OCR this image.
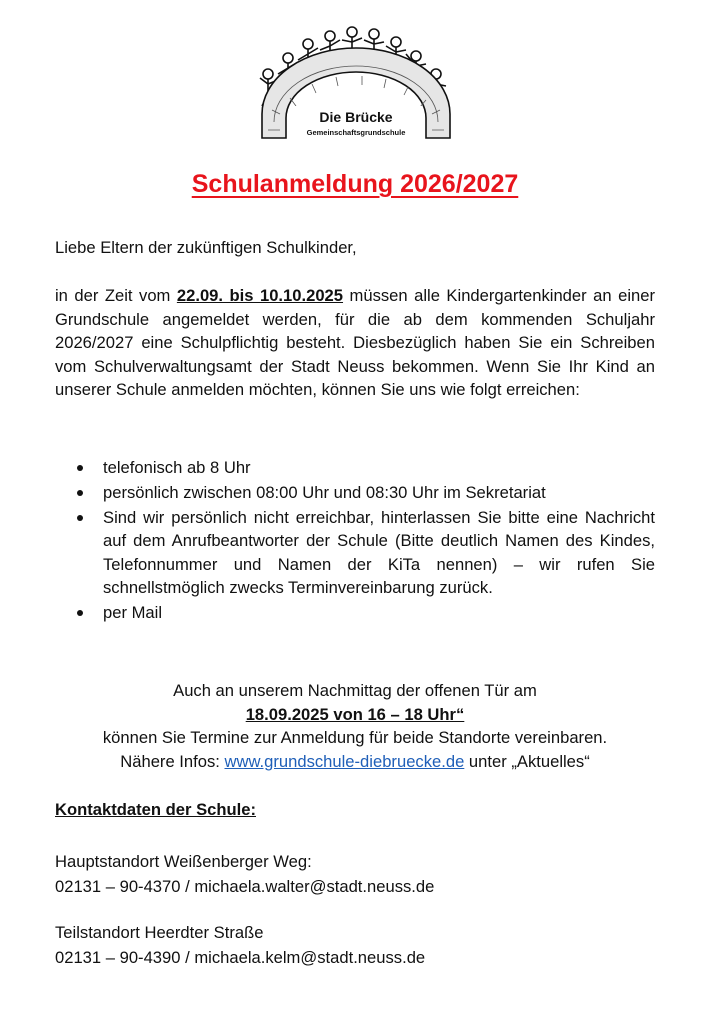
Die Brücke
Gemeinschaftsgrundschule
Schulanmeldung 2026/2027
Liebe Eltern der zukünftigen Schulkinder,
in der Zeit vom 22.09. bis 10.10.2025 müssen alle Kindergartenkinder an einer Grundschule angemeldet werden, für die ab dem kommenden Schuljahr 2026/2027 eine Schulpflichtig besteht. Diesbezüglich haben Sie ein Schreiben vom Schulverwaltungsamt der Stadt Neuss bekommen. Wenn Sie Ihr Kind an unserer Schule anmelden möchten, können Sie uns wie folgt erreichen:
telefonisch ab 8 Uhr
persönlich zwischen 08:00 Uhr und 08:30 Uhr im Sekretariat
Sind wir persönlich nicht erreichbar, hinterlassen Sie bitte eine Nachricht auf dem Anrufbeantworter der Schule (Bitte deutlich Namen des Kindes, Telefonnummer und Namen der KiTa nennen) – wir rufen Sie schnellstmöglich zwecks Terminvereinbarung zurück.
per Mail
Auch an unserem Nachmittag der offenen Tür am
18.09.2025 von 16 – 18 Uhr“
können Sie Termine zur Anmeldung für beide Standorte vereinbaren.
Nähere Infos: www.grundschule-diebruecke.de unter „Aktuelles“
Kontaktdaten der Schule:
Hauptstandort Weißenberger Weg:
02131 – 90-4370 / michaela.walter@stadt.neuss.de
Teilstandort Heerdter Straße
02131 – 90-4390 / michaela.kelm@stadt.neuss.de
